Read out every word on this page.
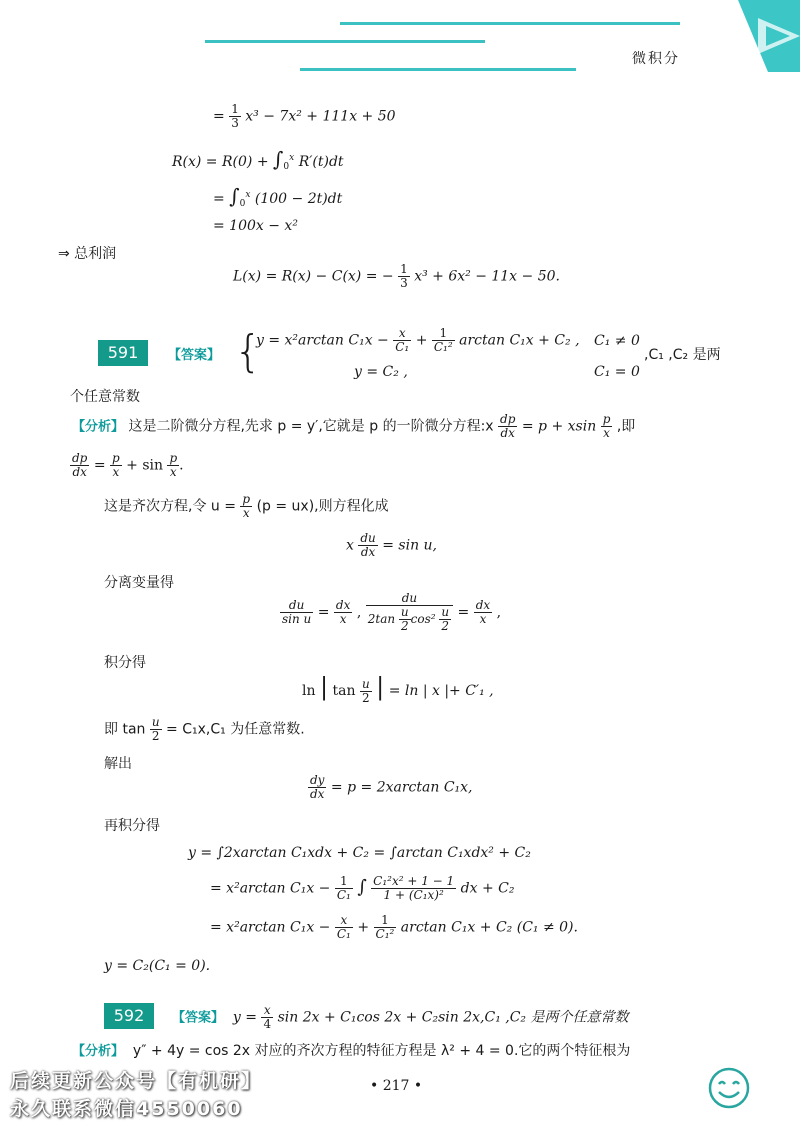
微积分
= $\frac{1}{3} x^3 - 7x^2 + 111x + 50$
$R(x) = R(0) + \int_0^x$ R′(t)dt
= $\int_0^x$ (100 − 2t)dt
= 100x − x²
⇒ 总利润
L(x) = R(x) − C(x) = − $\frac{1}{3} x^3 + 6x^2 - 11x - 50$.
591	【答案】 {
y = x²arctan $C_1x - \frac{x}{\text{C₁}} + \frac{1}{\text{C₁²}}$ arctan C₁x + C₂ , C₁ ≠ 0
y = C₂ ,	C₁ = 0
,C₁ ,C₂ 是两
个任意常数
【分析】 这是二阶微分方程,先求 p = y′,它就是 p 的一阶微分方程:x $\frac{dp}{dx} = p + xsin \frac{p}{x}$ ,即
$\frac{dp}{dx} = \frac{p}{x} + \sin \frac{p}{x}$ .
这是齐次方程,令 $u = \frac{p}{x} (p = ux)$,则方程化成
x $\frac{du}{dx} = \sin u$,
分离变量得
$\frac{du}{\text{sin u}} = \frac{dx}{x}$ , $\frac{du}{2\tan \frac{u}{2} \cos^2 \frac{u}{2}} = \frac{dx}{x}$ ,
积分得
ln | $\tan \frac{u}{2}$ | = ln | x |+ C′₁ ,
即 $\tan \frac{u}{2} = C_1x,C_1$ 为任意常数.
解出
$\frac{dy}{dx} = p = 2xarctan$ C₁x,
再积分得
y = ∫2xarctan C₁xdx + C₂ = ∫arctan C₁xdx² + C₂
= x²arctan $C_1x - \frac{1}{\text{C₁}}$ ∫ $\frac{\text{C₁²x² + 1 − 1}}{\text{1 + (C₁x)²}}$ dx + C₂
= x²arctan $C_1x - \frac{x}{\text{C₁}} + \frac{1}{\text{C₁²}}$ arctan C₁x + C₂ (C₁ ≠ 0).
y = C₂(C₁ = 0).
592	【答案】 $y = \frac{x}{4}$ sin 2x + C₁cos 2x + C₂sin 2x,C₁ ,C₂ 是两个任意常数
【分析】 y″ + 4y = cos 2x 对应的齐次方程的特征方程是 λ² + 4 = 0.它的两个特征根为
• 217 •
后续更新公众号【有机研】
永久联系微信4550060
